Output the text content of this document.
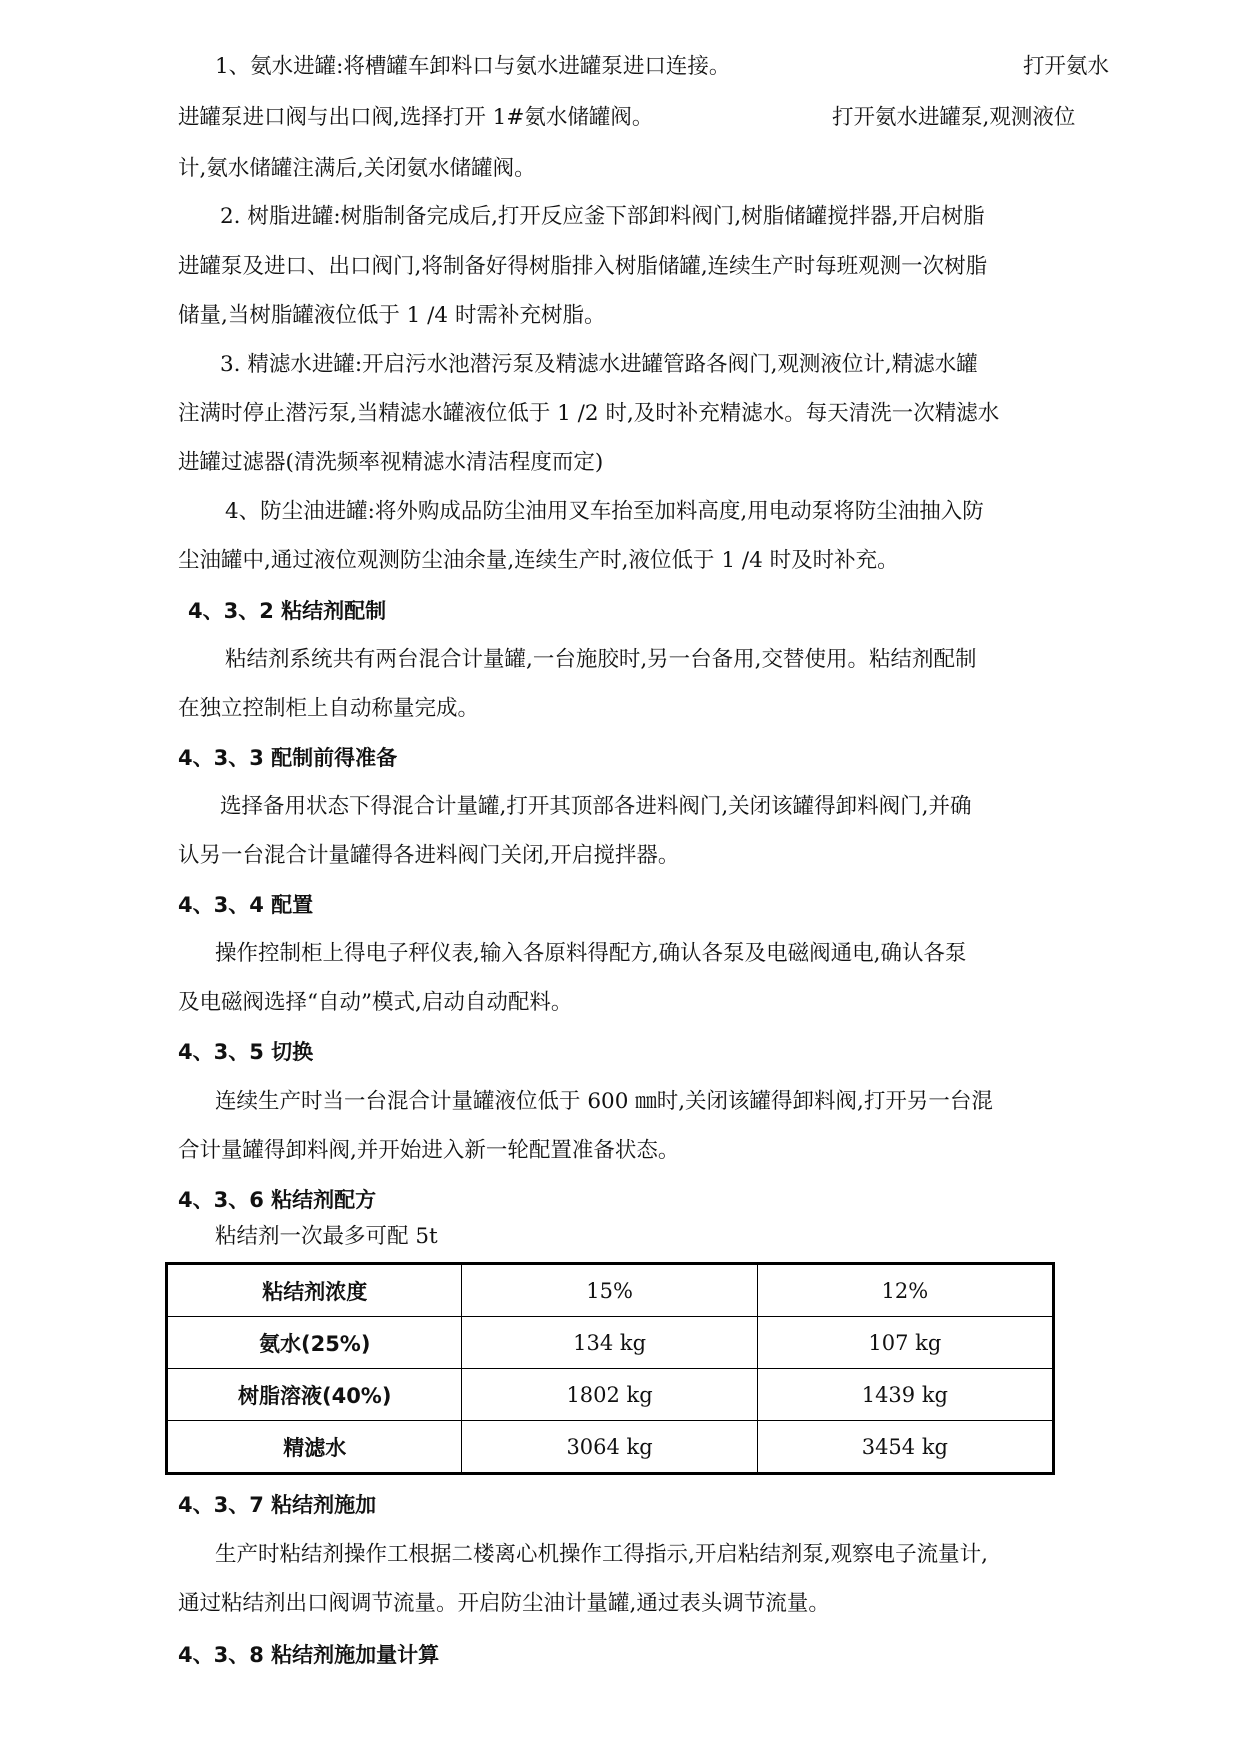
1、氨水进罐:将槽罐车卸料口与氨水进罐泵进口连接。	打开氨水
进罐泵进口阀与出口阀,选择打开 1#氨水储罐阀。	打开氨水进罐泵,观测液位
计,氨水储罐注满后,关闭氨水储罐阀。
2. 树脂进罐:树脂制备完成后,打开反应釜下部卸料阀门,树脂储罐搅拌器,开启树脂
进罐泵及进口、出口阀门,将制备好得树脂排入树脂储罐,连续生产时每班观测一次树脂
储量,当树脂罐液位低于 1 /4 时需补充树脂。
3. 精滤水进罐:开启污水池潜污泵及精滤水进罐管路各阀门,观测液位计,精滤水罐
注满时停止潜污泵,当精滤水罐液位低于 1 /2 时,及时补充精滤水。每天清洗一次精滤水
进罐过滤器(清洗频率视精滤水清洁程度而定)
4、防尘油进罐:将外购成品防尘油用叉车抬至加料高度,用电动泵将防尘油抽入防
尘油罐中,通过液位观测防尘油余量,连续生产时,液位低于 1 /4 时及时补充。
4、3、2 粘结剂配制
粘结剂系统共有两台混合计量罐,一台施胶时,另一台备用,交替使用。粘结剂配制
在独立控制柜上自动称量完成。
4、3、3 配制前得准备
选择备用状态下得混合计量罐,打开其顶部各进料阀门,关闭该罐得卸料阀门,并确
认另一台混合计量罐得各进料阀门关闭,开启搅拌器。
4、3、4 配置
操作控制柜上得电子秤仪表,输入各原料得配方,确认各泵及电磁阀通电,确认各泵
及电磁阀选择“自动”模式,启动自动配料。
4、3、5 切换
连续生产时当一台混合计量罐液位低于 600 ㎜时,关闭该罐得卸料阀,打开另一台混
合计量罐得卸料阀,并开始进入新一轮配置准备状态。
4、3、6 粘结剂配方
粘结剂一次最多可配 5t
粘结剂浓度	15%	12%
氨水(25%)	134 kg	107 kg
树脂溶液(40%)	1802 kg	1439 kg
精滤水	3064 kg	3454 kg
4、3、7 粘结剂施加
生产时粘结剂操作工根据二楼离心机操作工得指示,开启粘结剂泵,观察电子流量计,
通过粘结剂出口阀调节流量。开启防尘油计量罐,通过表头调节流量。
4、3、8 粘结剂施加量计算
